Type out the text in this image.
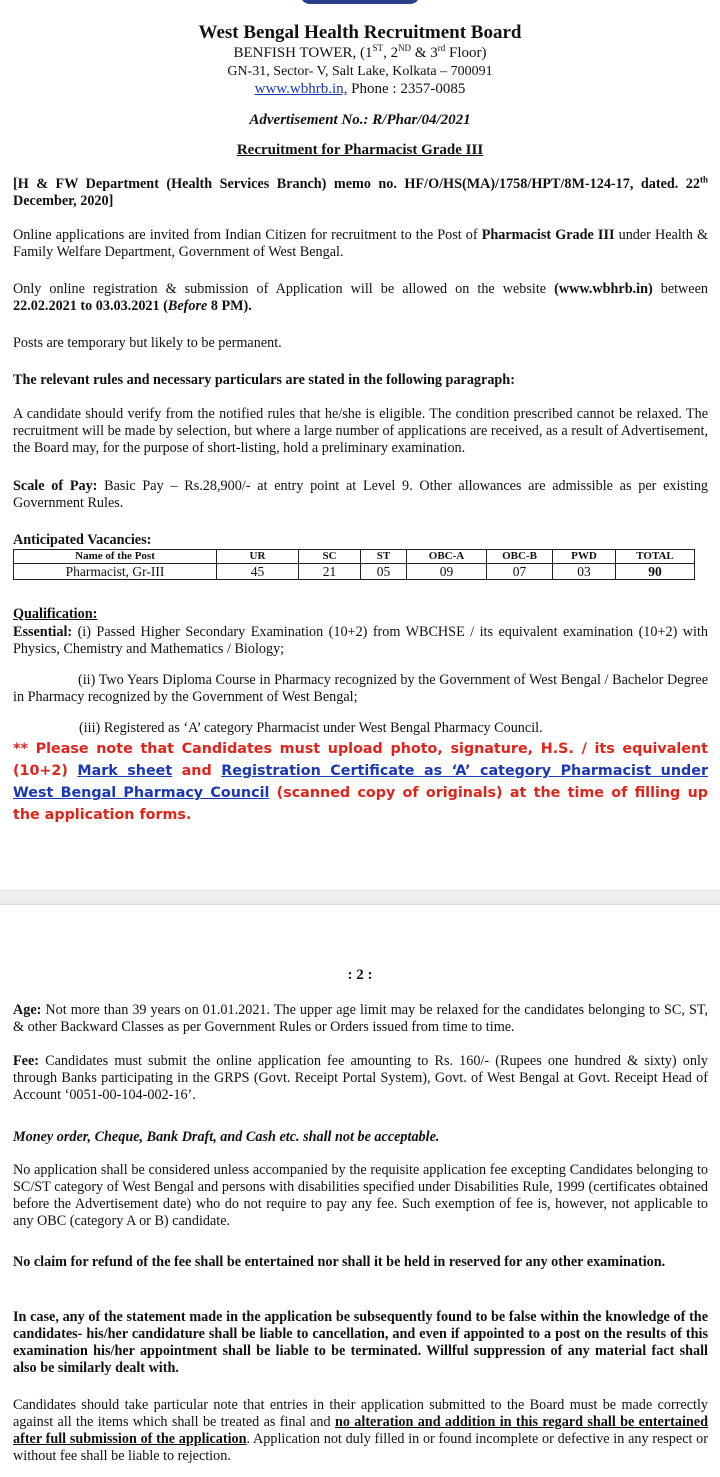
West Bengal Health Recruitment Board
BENFISH TOWER, (1ST, 2ND & 3rd Floor)
GN-31, Sector- V, Salt Lake, Kolkata – 700091
www.wbhrb.in, Phone : 2357-0085
Advertisement No.: R/Phar/04/2021
Recruitment for Pharmacist Grade III
[H & FW Department (Health Services Branch) memo no. HF/O/HS(MA)/1758/HPT/8M-124-17, dated. 22th December, 2020]
Online applications are invited from Indian Citizen for recruitment to the Post of Pharmacist Grade III under Health & Family Welfare Department, Government of West Bengal.
Only online registration & submission of Application will be allowed on the website (www.wbhrb.in) between 22.02.2021 to 03.03.2021 (Before 8 PM).
Posts are temporary but likely to be permanent.
The relevant rules and necessary particulars are stated in the following paragraph:
A candidate should verify from the notified rules that he/she is eligible. The condition prescribed cannot be relaxed. The recruitment will be made by selection, but where a large number of applications are received, as a result of Advertisement, the Board may, for the purpose of short-listing, hold a preliminary examination.
Scale of Pay: Basic Pay – Rs.28,900/- at entry point at Level 9. Other allowances are admissible as per existing Government Rules.
Anticipated Vacancies:
Name of the Post	UR	SC	ST	OBC-A	OBC-B	PWD	TOTAL
Pharmacist, Gr-III	45	21	05	09	07	03	90
Qualification:
Essential: (i) Passed Higher Secondary Examination (10+2) from WBCHSE / its equivalent examination (10+2) with Physics, Chemistry and Mathematics / Biology;
(ii) Two Years Diploma Course in Pharmacy recognized by the Government of West Bengal / Bachelor Degree in Pharmacy recognized by the Government of West Bengal;
(iii) Registered as ‘A’ category Pharmacist under West Bengal Pharmacy Council.
** Please note that Candidates must upload photo, signature, H.S. / its equivalent (10+2) Mark sheet and Registration Certificate as ‘A’ category Pharmacist under West Bengal Pharmacy Council (scanned copy of originals) at the time of filling up the application forms.
: 2 :
Age: Not more than 39 years on 01.01.2021. The upper age limit may be relaxed for the candidates belonging to SC, ST, & other Backward Classes as per Government Rules or Orders issued from time to time.
Fee: Candidates must submit the online application fee amounting to Rs. 160/- (Rupees one hundred & sixty) only through Banks participating in the GRPS (Govt. Receipt Portal System), Govt. of West Bengal at Govt. Receipt Head of Account ‘0051-00-104-002-16’.
Money order, Cheque, Bank Draft, and Cash etc. shall not be acceptable.
No application shall be considered unless accompanied by the requisite application fee excepting Candidates belonging to SC/ST category of West Bengal and persons with disabilities specified under Disabilities Rule, 1999 (certificates obtained before the Advertisement date) who do not require to pay any fee. Such exemption of fee is, however, not applicable to any OBC (category A or B) candidate.
No claim for refund of the fee shall be entertained nor shall it be held in reserved for any other examination.
In case, any of the statement made in the application be subsequently found to be false within the knowledge of the candidates- his/her candidature shall be liable to cancellation, and even if appointed to a post on the results of this examination his/her appointment shall be liable to be terminated. Willful suppression of any material fact shall also be similarly dealt with.
Candidates should take particular note that entries in their application submitted to the Board must be made correctly against all the items which shall be treated as final and no alteration and addition in this regard shall be entertained after full submission of the application. Application not duly filled in or found incomplete or defective in any respect or without fee shall be liable to rejection.
